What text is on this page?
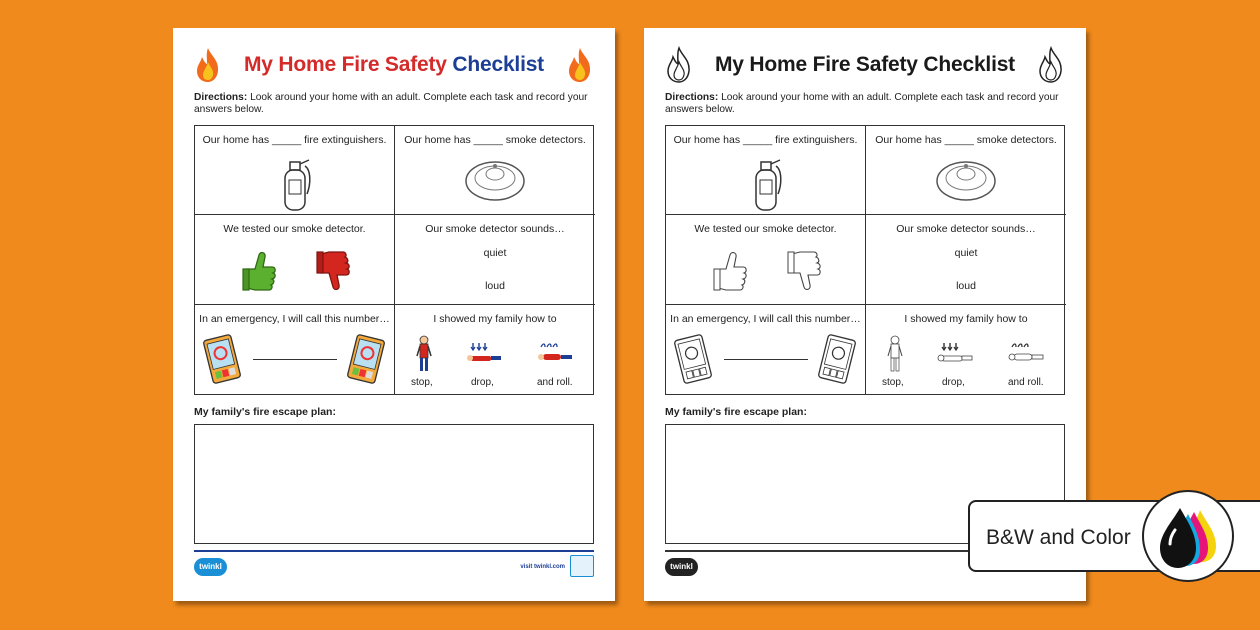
My Home Fire Safety Checklist
Directions: Look around your home with an adult. Complete each task and record your answers below.
Our home has _____ fire extinguishers.	Our home has _____ smoke detectors.
We tested our smoke detector.	Our smoke detector sounds…
quiet
loud
In an emergency, I will call this number…	I showed my family how to
stop,	drop,	and roll.
My family's fire escape plan:
twinkl	visit twinkl.com
My Home Fire Safety Checklist
Directions: Look around your home with an adult. Complete each task and record your answers below.
Our home has _____ fire extinguishers.	Our home has _____ smoke detectors.
We tested our smoke detector.	Our smoke detector sounds…
quiet
loud
In an emergency, I will call this number…	I showed my family how to
stop,	drop,	and roll.
My family's fire escape plan:
twinkl
B&W and Color
